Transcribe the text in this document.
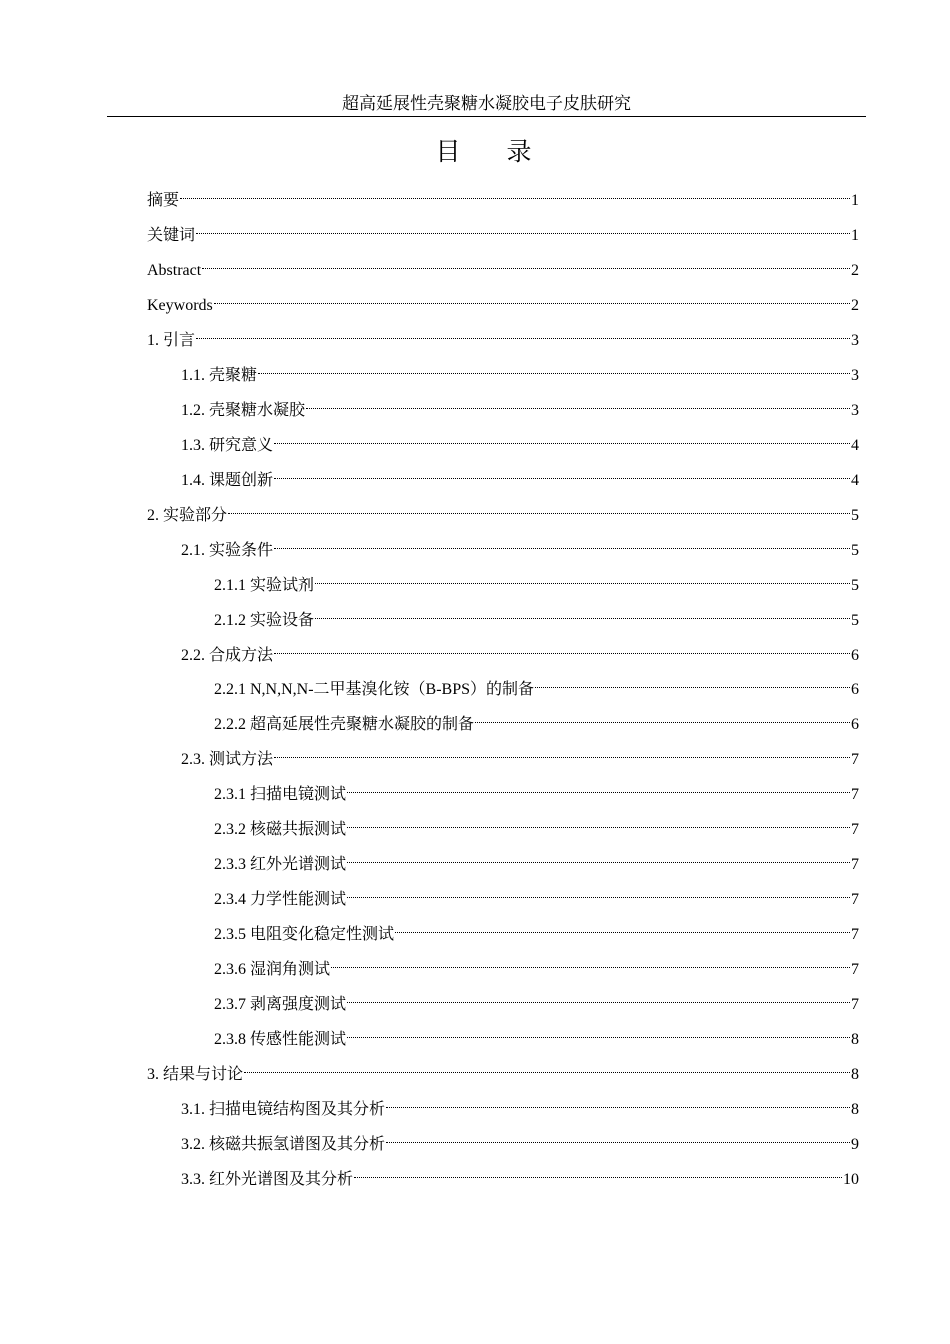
超高延展性壳聚糖水凝胶电子皮肤研究
目录
摘要	1
关键词	1
Abstract	2
Keywords	2
1. 引言	3
1.1. 壳聚糖	3
1.2. 壳聚糖水凝胶	3
1.3. 研究意义	4
1.4. 课题创新	4
2. 实验部分	5
2.1. 实验条件	5
2.1.1 实验试剂	5
2.1.2 实验设备	5
2.2. 合成方法	6
2.2.1 N,N,N,N-二甲基溴化铵（B-BPS）的制备	6
2.2.2 超高延展性壳聚糖水凝胶的制备	6
2.3. 测试方法	7
2.3.1 扫描电镜测试	7
2.3.2 核磁共振测试	7
2.3.3 红外光谱测试	7
2.3.4 力学性能测试	7
2.3.5 电阻变化稳定性测试	7
2.3.6 湿润角测试	7
2.3.7 剥离强度测试	7
2.3.8 传感性能测试	8
3. 结果与讨论	8
3.1. 扫描电镜结构图及其分析	8
3.2. 核磁共振氢谱图及其分析	9
3.3. 红外光谱图及其分析	10
